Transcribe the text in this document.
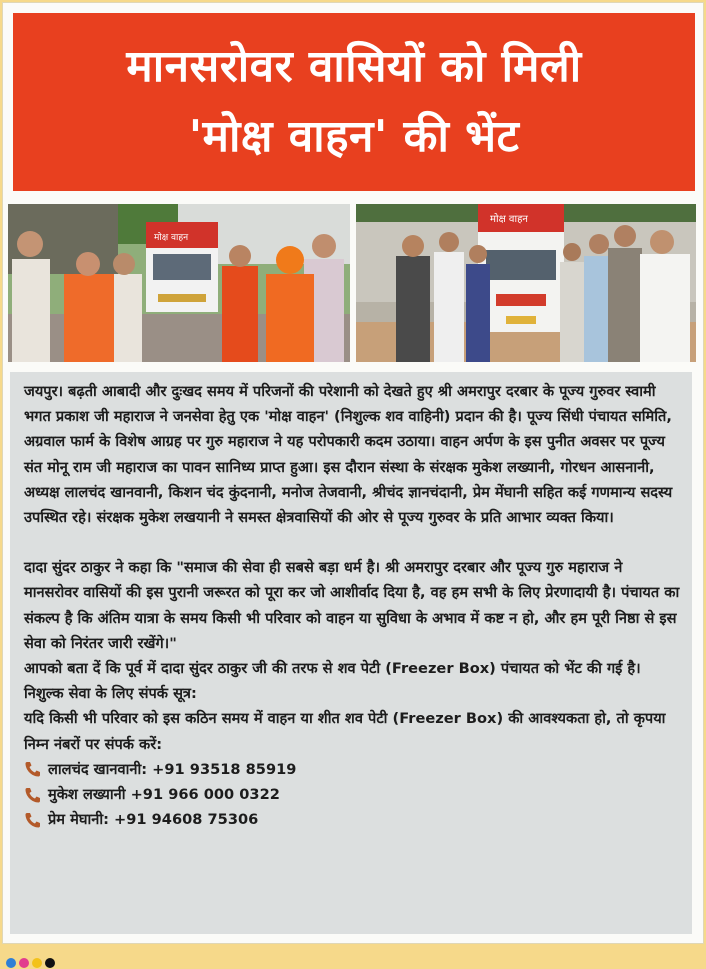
मानसरोवर वासियों को मिली
'मोक्ष वाहन' की भेंट
मोक्ष वाहन
मोक्ष वाहन

जयपुर। बढ़ती आबादी और दुःखद समय में परिजनों की परेशानी को देखते हुए श्री अमरापुर दरबार के पूज्य गुरुवर स्वामी भगत प्रकाश जी महाराज ने जनसेवा हेतु एक 'मोक्ष वाहन' (निशुल्क शव वाहिनी) प्रदान की है। पूज्य सिंधी पंचायत समिति, अग्रवाल फार्म के विशेष आग्रह पर गुरु महाराज ने यह परोपकारी कदम उठाया। वाहन अर्पण के इस पुनीत अवसर पर पूज्य संत मोनू राम जी महाराज का पावन सानिध्य प्राप्त हुआ। इस दौरान संस्था के संरक्षक मुकेश लख्यानी, गोरधन आसनानी, अध्यक्ष लालचंद खानवानी, किशन चंद कुंदनानी, मनोज तेजवानी, श्रीचंद ज्ञानचंदानी, प्रेम मेंघानी सहित कई गणमान्य सदस्य उपस्थित रहे। संरक्षक मुकेश लखयानी ने समस्त क्षेत्रवासियों की ओर से पूज्य गुरुवर के प्रति आभार व्यक्त किया।

दादा सुंदर ठाकुर ने कहा कि "समाज की सेवा ही सबसे बड़ा धर्म है। श्री अमरापुर दरबार और पूज्य गुरु महाराज ने मानसरोवर वासियों की इस पुरानी जरूरत को पूरा कर जो आशीर्वाद दिया है, वह हम सभी के लिए प्रेरणादायी है। पंचायत का संकल्प है कि अंतिम यात्रा के समय किसी भी परिवार को वाहन या सुविधा के अभाव में कष्ट न हो, और हम पूरी निष्ठा से इस सेवा को निरंतर जारी रखेंगे।"

आपको बता दें कि पूर्व में दादा सुंदर ठाकुर जी की तरफ से शव पेटी (Freezer Box) पंचायत को भेंट की गई है।

निशुल्क सेवा के लिए संपर्क सूत्र:

यदि किसी भी परिवार को इस कठिन समय में वाहन या शीत शव पेटी (Freezer Box) की आवश्यकता हो, तो कृपया निम्न नंबरों पर संपर्क करें:

लालचंद खानवानी: +91 93518 85919
मुकेश लख्यानी +91 966 000 0322
प्रेम मेघानी: +91 94608 75306
